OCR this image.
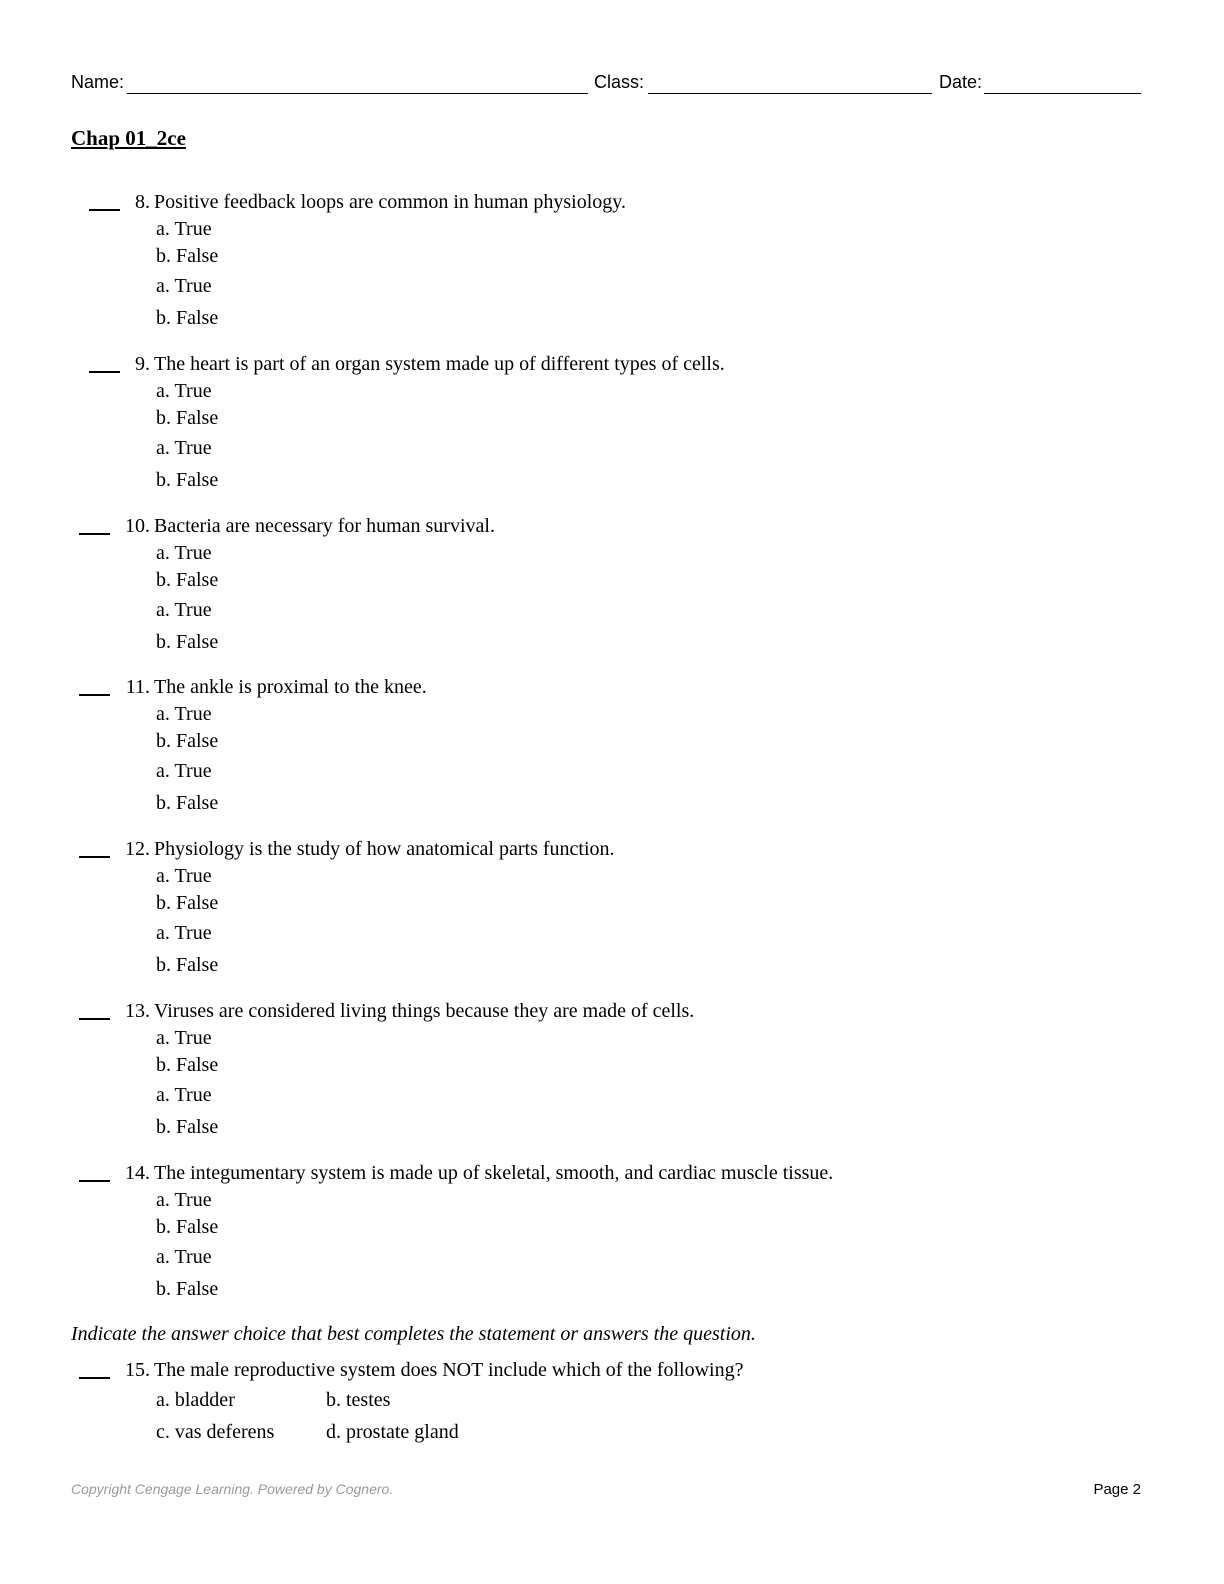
Name:	Class:	Date:
Chap 01_2ce
8. Positive feedback loops are common in human physiology.
a. True
b. False
a. True
b. False
9. The heart is part of an organ system made up of different types of cells.
a. True
b. False
a. True
b. False
10. Bacteria are necessary for human survival.
a. True
b. False
a. True
b. False
11. The ankle is proximal to the knee.
a. True
b. False
a. True
b. False
12. Physiology is the study of how anatomical parts function.
a. True
b. False
a. True
b. False
13. Viruses are considered living things because they are made of cells.
a. True
b. False
a. True
b. False
14. The integumentary system is made up of skeletal, smooth, and cardiac muscle tissue.
a. True
b. False
a. True
b. False
Indicate the answer choice that best completes the statement or answers the question.
15. The male reproductive system does NOT include which of the following?
a. bladder	b. testes
c. vas deferens	d. prostate gland
Copyright Cengage Learning. Powered by Cognero.	Page 2
